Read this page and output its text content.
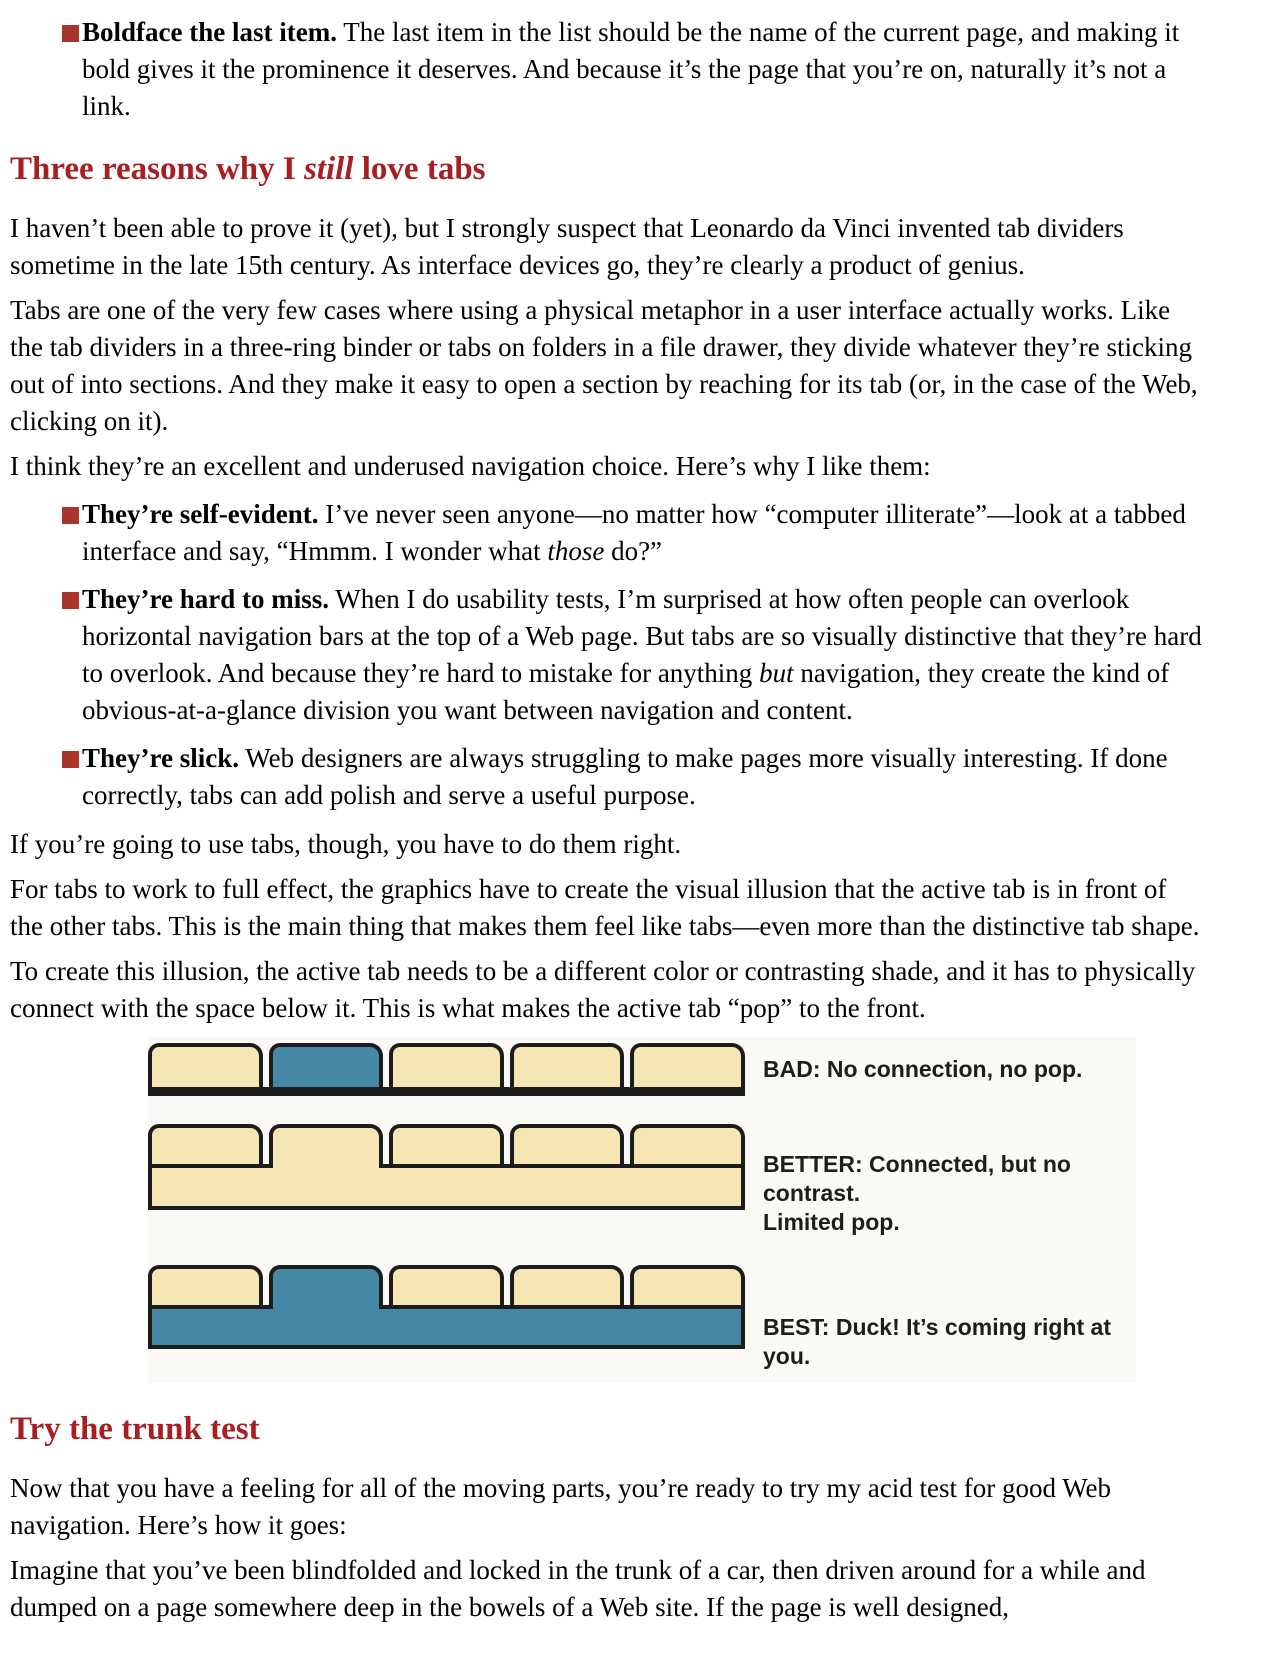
Boldface the last item. The last item in the list should be the name of the current page, and making it bold gives it the prominence it deserves. And because it’s the page that you’re on, naturally it’s not a link.

Three reasons why I still love tabs

I haven’t been able to prove it (yet), but I strongly suspect that Leonardo da Vinci invented tab dividers sometime in the late 15th century. As interface devices go, they’re clearly a product of genius.

Tabs are one of the very few cases where using a physical metaphor in a user interface actually works. Like the tab dividers in a three-ring binder or tabs on folders in a file drawer, they divide whatever they’re sticking out of into sections. And they make it easy to open a section by reaching for its tab (or, in the case of the Web, clicking on it).

I think they’re an excellent and underused navigation choice. Here’s why I like them:

They’re self-evident. I’ve never seen anyone—no matter how “computer illiterate”—look at a tabbed interface and say, “Hmmm. I wonder what those do?”

They’re hard to miss. When I do usability tests, I’m surprised at how often people can overlook horizontal navigation bars at the top of a Web page. But tabs are so visually distinctive that they’re hard to overlook. And because they’re hard to mistake for anything but navigation, they create the kind of obvious-at-a-glance division you want between navigation and content.

They’re slick. Web designers are always struggling to make pages more visually interesting. If done correctly, tabs can add polish and serve a useful purpose.

If you’re going to use tabs, though, you have to do them right.

For tabs to work to full effect, the graphics have to create the visual illusion that the active tab is in front of the other tabs. This is the main thing that makes them feel like tabs—even more than the distinctive tab shape.

To create this illusion, the active tab needs to be a different color or contrasting shade, and it has to physically connect with the space below it. This is what makes the active tab “pop” to the front.

BAD: No connection, no pop.
BETTER: Connected, but no contrast.
Limited pop.
BEST: Duck! It’s coming right at you.
Try the trunk test

Now that you have a feeling for all of the moving parts, you’re ready to try my acid test for good Web navigation. Here’s how it goes:

Imagine that you’ve been blindfolded and locked in the trunk of a car, then driven around for a while and dumped on a page somewhere deep in the bowels of a Web site. If the page is well designed,
